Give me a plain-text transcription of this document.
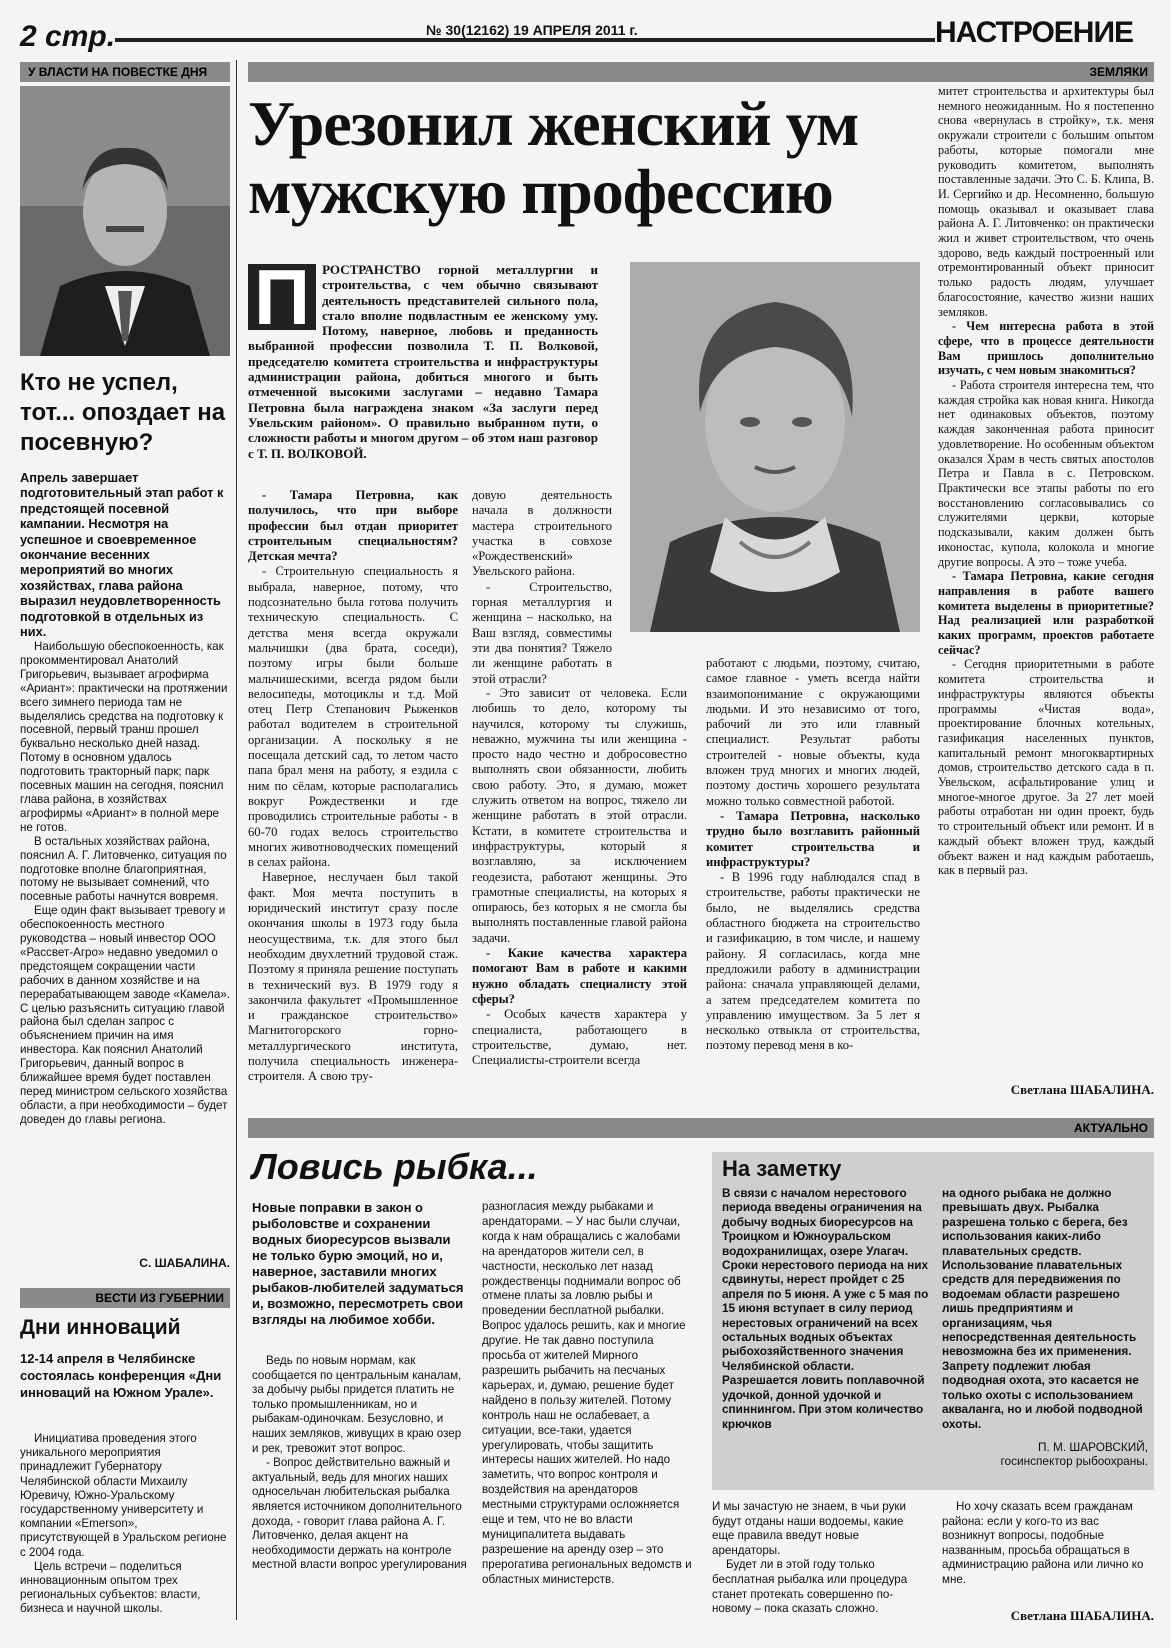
2 стр.	№ 30(12162) 19 АПРЕЛЯ 2011 г.	НАСТРОЕНИЕ
У ВЛАСТИ НА ПОВЕСТКЕ ДНЯ
Кто не успел, тот... опоздает на посевную?
Апрель завершает подготовительный этап работ к предстоящей посевной кампании. Несмотря на успешное и своевременное окончание весенних мероприятий во многих хозяйствах, глава района выразил неудовлетворенность подготовкой в отдельных из них.

Наибольшую обеспокоенность, как прокомментировал Анатолий Григорьевич, вызывает агрофирма «Ариант»: практически на протяжении всего зимнего периода там не выделялись средства на подготовку к посевной, первый транш прошел буквально несколько дней назад. Потому в основном удалось подготовить тракторный парк; парк посевных машин на сегодня, пояснил глава района, в хозяйствах агрофирмы «Ариант» в полной мере не готов.

В остальных хозяйствах района, пояснил А. Г. Литовченко, ситуация по подготовке вполне благоприятная, потому не вызывает сомнений, что посевные работы начнутся вовремя.

Еще один факт вызывает тревогу и обеспокоенность местного руководства – новый инвестор ООО «Рассвет-Агро» недавно уведомил о предстоящем сокращении части рабочих в данном хозяйстве и на перерабатывающем заводе «Камела». С целью разъяснить ситуацию главой района был сделан запрос с объяснением причин на имя инвестора. Как пояснил Анатолий Григорьевич, данный вопрос в ближайшее время будет поставлен перед министром сельского хозяйства области, а при необходимости – будет доведен до главы региона.

С. ШАБАЛИНА.
ВЕСТИ ИЗ ГУБЕРНИИ
Дни инноваций
12-14 апреля в Челябинске состоялась конференция «Дни инноваций на Южном Урале».

Инициатива проведения этого уникального мероприятия принадлежит Губернатору Челябинской области Михаилу Юревичу, Южно-Уральскому государственному университету и компании «Emerson», присутствующей в Уральском регионе с 2004 года.

Цель встречи – поделиться инновационным опытом трех региональных субъектов: власти, бизнеса и научной школы.

ЗЕМЛЯКИ
Урезонил женский ум мужскую профессию
П РОСТРАНСТВО горной металлургии и строительства, с чем обычно связывают деятельность представителей сильного пола, стало вполне подвластным ее женскому уму. Потому, наверное, любовь и преданность выбранной профессии позволила Т. П. Волковой, председателю комитета строительства и инфраструктуры администрации района, добиться многого и быть отмеченной высокими заслугами – недавно Тамара Петровна была награждена знаком «За заслуги перед Увельским районом». О правильно выбранном пути, о сложности работы и многом другом – об этом наш разговор с Т. П. ВОЛКОВОЙ.

- Тамара Петровна, как получилось, что при выборе профессии был отдан приоритет строительным специальностям? Детская мечта?

- Строительную специальность я выбрала, наверное, потому, что подсознательно была готова получить техническую специальность. С детства меня всегда окружали мальчишки (два брата, соседи), поэтому игры были больше мальчишескими, всегда рядом были велосипеды, мотоциклы и т.д. Мой отец Петр Степанович Рыженков работал водителем в строительной организации. А поскольку я не посещала детский сад, то летом часто папа брал меня на работу, я ездила с ним по сёлам, которые располагались вокруг Рождественки и где проводились строительные работы - в 60-70 годах велось строительство многих животноводческих помещений в селах района.

Наверное, неслучаен был такой факт. Моя мечта поступить в юридический институт сразу после окончания школы в 1973 году была неосуществима, т.к. для этого был необходим двухлетний трудовой стаж. Поэтому я приняла решение поступать в технический вуз. В 1979 году я закончила факультет «Промышленное и гражданское строительство» Магнитогорского горно-металлургического института, получила специальность инженера-строителя. А свою тру-

довую деятельность начала в должности мастера строительного участка в совхозе «Рождественский» Увельского района.

- Строительство, горная металлургия и женщина – насколько, на Ваш взгляд, совместимы эти два понятия? Тяжело ли женщине работать в этой отрасли?

- Это зависит от человека. Если любишь то дело, которому ты научился, которому ты служишь, неважно, мужчина ты или женщина - просто надо честно и добросовестно выполнять свои обязанности, любить свою работу. Это, я думаю, может служить ответом на вопрос, тяжело ли женщине работать в этой отрасли. Кстати, в комитете строительства и инфраструктуры, который я возглавляю, за исключением геодезиста, работают женщины. Это грамотные специалисты, на которых я опираюсь, без которых я не смогла бы выполнять поставленные главой района задачи.

- Какие качества характера помогают Вам в работе и какими нужно обладать специалисту этой сферы?

- Особых качеств характера у специалиста, работающего в строительстве, думаю, нет. Специалисты-строители всегда

работают с людьми, поэтому, считаю, самое главное - уметь всегда найти взаимопонимание с окружающими людьми. И это независимо от того, рабочий ли это или главный специалист. Результат работы строителей - новые объекты, куда вложен труд многих и многих людей, поэтому достичь хорошего результата можно только совместной работой.

- Тамара Петровна, насколько трудно было возглавить районный комитет строительства и инфраструктуры?

- В 1996 году наблюдался спад в строительстве, работы практически не было, не выделялись средства областного бюджета на строительство и газификацию, в том числе, и нашему району. Я согласилась, когда мне предложили работу в администрации района: сначала управляющей делами, а затем председателем комитета по управлению имуществом. За 5 лет я несколько отвыкла от строительства, поэтому перевод меня в ко-

митет строительства и архитектуры был немного неожиданным. Но я постепенно снова «вернулась в стройку», т.к. меня окружали строители с большим опытом работы, которые помогали мне руководить комитетом, выполнять поставленные задачи. Это С. Б. Клипа, В. И. Сергийко и др. Несомненно, большую помощь оказывал и оказывает глава района А. Г. Литовченко: он практически жил и живет строительством, что очень здорово, ведь каждый построенный или отремонтированный объект приносит только радость людям, улучшает благосостояние, качество жизни наших земляков.

- Чем интересна работа в этой сфере, что в процессе деятельности Вам пришлось дополнительно изучать, с чем новым знакомиться?

- Работа строителя интересна тем, что каждая стройка как новая книга. Никогда нет одинаковых объектов, поэтому каждая законченная работа приносит удовлетворение. Но особенным объектом оказался Храм в честь святых апостолов Петра и Павла в с. Петровском. Практически все этапы работы по его восстановлению согласовывались со служителями церкви, которые подсказывали, каким должен быть иконостас, купола, колокола и многие другие вопросы. А это – тоже учеба.

- Тамара Петровна, какие сегодня направления в работе вашего комитета выделены в приоритетные? Над реализацией или разработкой каких программ, проектов работаете сейчас?

- Сегодня приоритетными в работе комитета строительства и инфраструктуры являются объекты программы «Чистая вода», проектирование блочных котельных, газификация населенных пунктов, капитальный ремонт многоквартирных домов, строительство детского сада в п. Увельском, асфальтирование улиц и многое-многое другое. За 27 лет моей работы отработан ни один проект, будь то строительный объект или ремонт. И в каждый объект вложен труд, каждый объект важен и над каждым работаешь, как в первый раз.

Светлана ШАБАЛИНА.
АКТУАЛЬНО
Ловись рыбка...
Новые поправки в закон о рыболовстве и сохранении водных биоресурсов вызвали не только бурю эмоций, но и, наверное, заставили многих рыбаков-любителей задуматься и, возможно, пересмотреть свои взгляды на любимое хобби.

Ведь по новым нормам, как сообщается по центральным каналам, за добычу рыбы придется платить не только промышленникам, но и рыбакам-одиночкам. Безусловно, и наших земляков, живущих в краю озер и рек, тревожит этот вопрос.

- Вопрос действительно важный и актуальный, ведь для многих наших односельчан любительская рыбалка является источником дополнительного дохода, - говорит глава района А. Г. Литовченко, делая акцент на необходимости держать на контроле местной власти вопрос урегулирования

разногласия между рыбаками и арендаторами. – У нас были случаи, когда к нам обращались с жалобами на арендаторов жители сел, в частности, несколько лет назад рождественцы поднимали вопрос об отмене платы за ловлю рыбы и проведении бесплатной рыбалки. Вопрос удалось решить, как и многие другие. Не так давно поступила просьба от жителей Мирного разрешить рыбачить на песчаных карьерах, и, думаю, решение будет найдено в пользу жителей. Потому контроль наш не ослабевает, а ситуации, все-таки, удается урегулировать, чтобы защитить интересы наших жителей. Но надо заметить, что вопрос контроля и воздействия на арендаторов местными структурами осложняется еще и тем, что не во власти муниципалитета выдавать разрешение на аренду озер – это прерогатива региональных ведомств и областных министерств.

На заметку
В связи с началом нерестового периода введены ограничения на добычу водных биоресурсов на Троицком и Южноуральском водохранилищах, озере Улагач. Сроки нерестового периода на них сдвинуты, нерест пройдет с 25 апреля по 5 июня. А уже с 5 мая по 15 июня вступает в силу период нерестовых ограничений на всех остальных водных объектах рыбохозяйственного значения Челябинской области. Разрешается ловить поплавочной удочкой, донной удочкой и спиннингом. При этом количество крючков
на одного рыбака не должно превышать двух. Рыбалка разрешена только с берега, без использования каких-либо плавательных средств. Использование плавательных средств для передвижения по водоемам области разрешено лишь предприятиям и организациям, чья непосредственная деятельность невозможна без их применения. Запрету подлежит любая подводная охота, это касается не только охоты с использованием акваланга, но и любой подводной охоты.
П. М. ШАРОВСКИЙ,
госинспектор рыбоохраны.

И мы зачастую не знаем, в чьи руки будут отданы наши водоемы, какие еще правила введут новые арендаторы.

Будет ли в этой году только бесплатная рыбалка или процедура станет протекать совершенно по-новому – пока сказать сложно.

Но хочу сказать всем гражданам района: если у кого-то из вас возникнут вопросы, подобные названным, просьба обращаться в администрацию района или лично ко мне.

Светлана ШАБАЛИНА.
